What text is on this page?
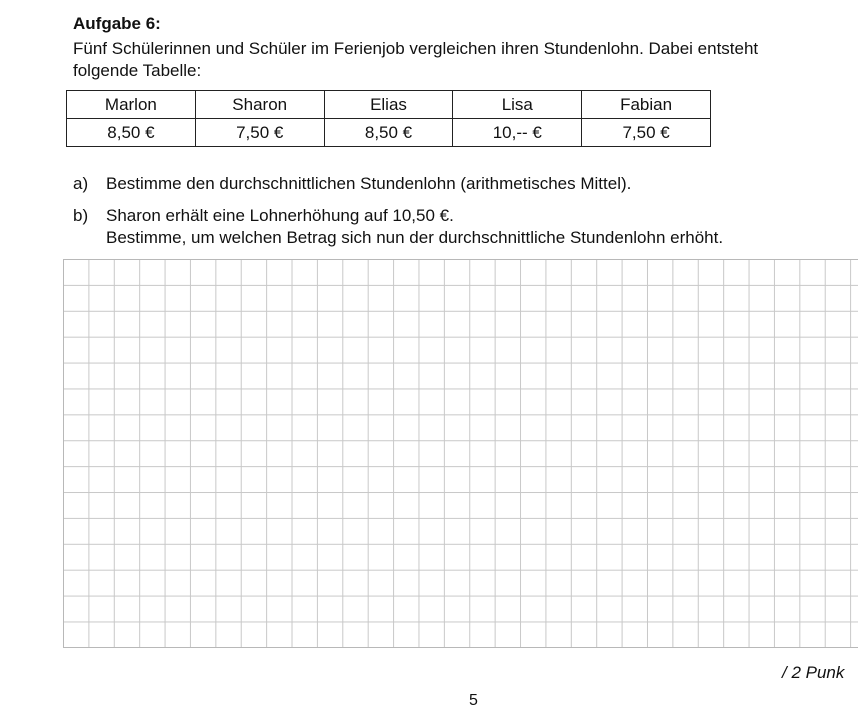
Aufgabe 6:
Fünf Schülerinnen und Schüler im Ferienjob vergleichen ihren Stundenlohn. Dabei entsteht
folgende Tabelle:
Marlon	Sharon	Elias	Lisa	Fabian
8,50 €	7,50 €	8,50 €	10,-- €	7,50 €
a) Bestimme den durchschnittlichen Stundenlohn (arithmetisches Mittel).
b) Sharon erhält eine Lohnerhöhung auf 10,50 €.
Bestimme, um welchen Betrag sich nun der durchschnittliche Stundenlohn erhöht.
/ 2 Punk
5
